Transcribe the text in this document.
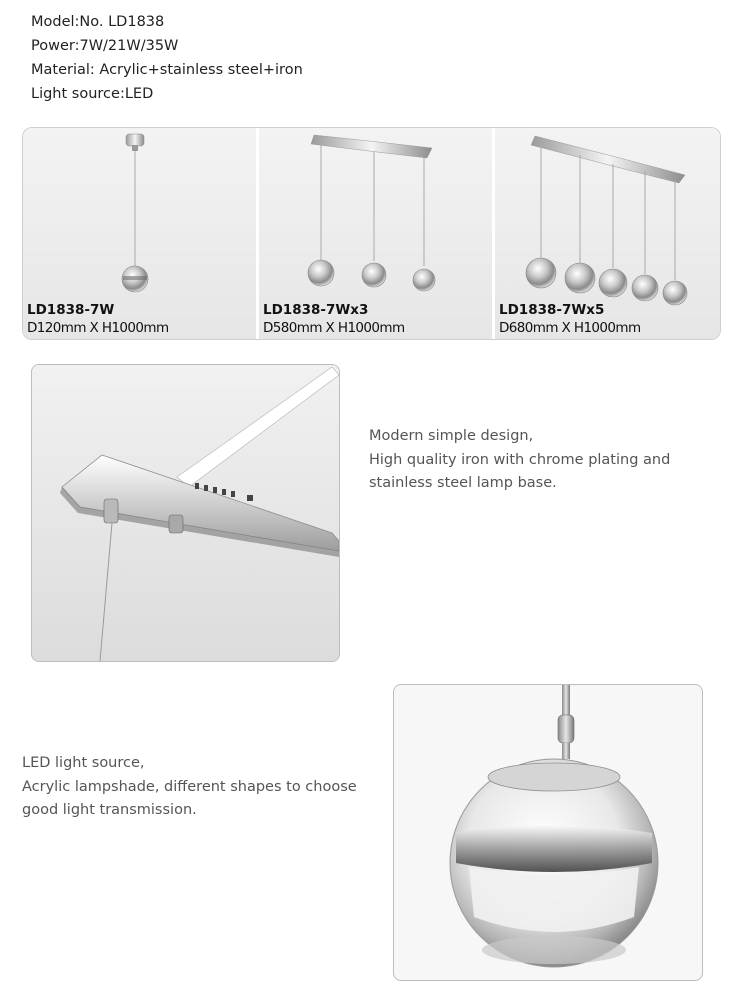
Model:No. LD1838
Power:7W/21W/35W
Material: Acrylic+stainless steel+iron
Light source:LED
LD1838-7W
D120mm X H1000mm
LD1838-7Wx3
D580mm X H1000mm
LD1838-7Wx5
D680mm X H1000mm
Modern simple design,
High quality iron with chrome plating and
stainless steel lamp base.
LED light source,
Acrylic lampshade, different shapes to choose
good light transmission.
